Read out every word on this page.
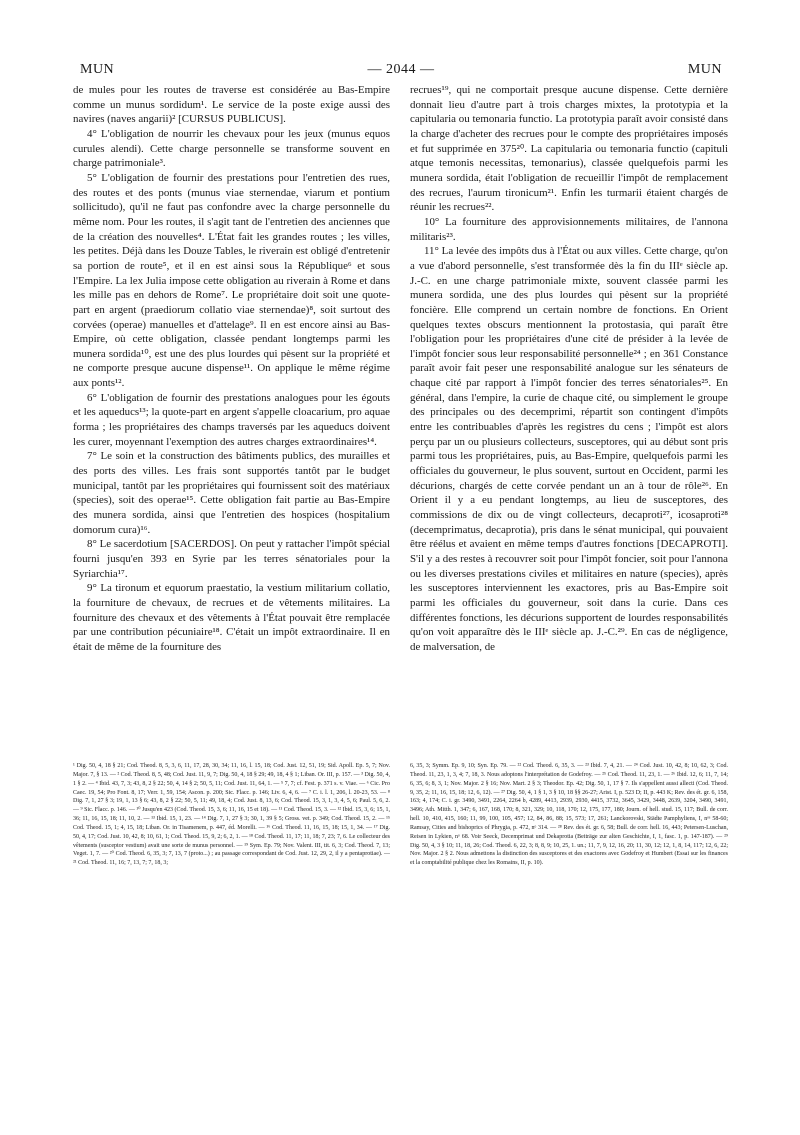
MUN	— 2044 —	MUN

de mules pour les routes de traverse est considérée au Bas-Empire comme un munus sordidum¹. Le service de la poste exige aussi des navires (naves angarii)² [CURSUS PUBLICUS].

4° L'obligation de nourrir les chevaux pour les jeux (munus equos curules alendi). Cette charge personnelle se transforme souvent en charge patrimoniale³.

5° L'obligation de fournir des prestations pour l'entretien des rues, des routes et des ponts (munus viae sternendae, viarum et pontium sollicitudo), qu'il ne faut pas confondre avec la charge personnelle du même nom. Pour les routes, il s'agit tant de l'entretien des anciennes que de la création des nouvelles⁴. L'État fait les grandes routes ; les villes, les petites. Déjà dans les Douze Tables, le riverain est obligé d'entretenir sa portion de route⁵, et il en est ainsi sous la République⁶ et sous l'Empire. La lex Julia impose cette obligation au riverain à Rome et dans les mille pas en dehors de Rome⁷. Le propriétaire doit soit une quote-part en argent (praediorum collatio viae sternendae)⁸, soit surtout des corvées (operae) manuelles et d'attelage⁹. Il en est encore ainsi au Bas-Empire, où cette obligation, classée pendant longtemps parmi les munera sordida¹⁰, est une des plus lourdes qui pèsent sur la propriété et ne comporte presque aucune dispense¹¹. On applique le même régime aux ponts¹².

6° L'obligation de fournir des prestations analogues pour les égouts et les aqueducs¹³; la quote-part en argent s'appelle cloacarium, pro aquae forma ; les propriétaires des champs traversés par les aqueducs doivent les curer, moyennant l'exemption des autres charges extraordinaires¹⁴.

7° Le soin et la construction des bâtiments publics, des murailles et des ports des villes. Les frais sont supportés tantôt par le budget municipal, tantôt par les propriétaires qui fournissent soit des matériaux (species), soit des operae¹⁵. Cette obligation fait partie au Bas-Empire des munera sordida, ainsi que l'entretien des hospices (hospitalium domorum cura)¹⁶.

8° Le sacerdotium [SACERDOS]. On peut y rattacher l'impôt spécial fourni jusqu'en 393 en Syrie par les terres sénatoriales pour la Syriarchia¹⁷.

9° La tironum et equorum praestatio, la vestium militarium collatio, la fourniture de chevaux, de recrues et de vêtements militaires. La fourniture des chevaux et des vêtements à l'État pouvait être remplacée par une contribution pécuniaire¹⁸. C'était un impôt extraordinaire. Il en était de même de la fourniture des

recrues¹⁹, qui ne comportait presque aucune dispense. Cette dernière donnait lieu d'autre part à trois charges mixtes, la prototypia et la capitularia ou temonaria functio. La prototypia paraît avoir consisté dans la charge d'acheter des recrues pour le compte des propriétaires imposés et fut supprimée en 375²⁰. La capitularia ou temonaria functio (capituli atque temonis necessitas, temonarius), classée quelquefois parmi les munera sordida, était l'obligation de recueillir l'impôt de remplacement des recrues, l'aurum tironicum²¹. Enfin les turmarii étaient chargés de réunir les recrues²².

10° La fourniture des approvisionnements militaires, de l'annona militaris²³.

11° La levée des impôts dus à l'État ou aux villes. Cette charge, qu'on a vue d'abord personnelle, s'est transformée dès la fin du IIIᵉ siècle ap. J.-C. en une charge patrimoniale mixte, souvent classée parmi les munera sordida, une des plus lourdes qui pèsent sur la propriété foncière. Elle comprend un certain nombre de fonctions. En Orient quelques textes obscurs mentionnent la protostasia, qui paraît être l'obligation pour les propriétaires d'une cité de présider à la levée de l'impôt foncier sous leur responsabilité personnelle²⁴ ; en 361 Constance paraît avoir fait peser une responsabilité analogue sur les sénateurs de chaque cité par rapport à l'impôt foncier des terres sénatoriales²⁵. En général, dans l'empire, la curie de chaque cité, ou simplement le groupe des principales ou des decemprimi, répartit son contingent d'impôts entre les contribuables d'après les registres du cens ; l'impôt est alors perçu par un ou plusieurs collecteurs, susceptores, qui au début sont pris parmi tous les propriétaires, puis, au Bas-Empire, quelquefois parmi les officiales du gouverneur, le plus souvent, surtout en Occident, parmi les décurions, chargés de cette corvée pendant un an à tour de rôle²⁶. En Orient il y a eu pendant longtemps, au lieu de susceptores, des commissions de dix ou de vingt collecteurs, decaproti²⁷, icosaproti²⁸ (decemprimatus, decaprotia), pris dans le sénat municipal, qui pouvaient être réélus et avaient en même temps d'autres fonctions [DECAPROTI]. S'il y a des restes à recouvrer soit pour l'impôt foncier, soit pour l'annona ou les diverses prestations civiles et militaires en nature (species), après les susceptores interviennent les exactores, pris au Bas-Empire soit parmi les officiales du gouverneur, soit dans la curie. Dans ces différentes fonctions, les décurions supportent de lourdes responsabilités qu'on voit apparaître dès le IIIᵉ siècle ap. J.-C.²⁹. En cas de négligence, de malversation, de

¹ Dig. 50, 4, 18 § 21; Cod. Theod. 8, 5, 3, 6, 11, 17, 28, 30, 34; 11, 16, l. 15, 18; Cod. Just. 12, 51, 19; Sid. Apoll. Ep. 5, 7; Nov. Major. 7, § 13. — ² Cod. Theod. 8, 5, 48; Cod. Just. 11, 9, 7; Dig. 50, 4, 18 § 29; 49, 18, 4 § 1; Liban. Or. III, p. 157. — ³ Dig. 50, 4, 1 § 2. — ⁴ Ibid. 43, 7, 3; 43, 8, 2 § 22; 50, 4, 14 § 2; 50, 5, 11; Cod. Just. 11, 64, 1. — ⁵ 7, 7; cf. Fest. p. 371 s. v. Viae. — ⁶ Cic. Pro Caec. 19, 54; Pro Font. 8, 17; Verr. 1, 59, 154; Ascon. p. 200; Sic. Flacc. p. 146; Liv. 6, 4, 6. — ⁷ C. i. l. 1, 206, l. 20-23, 53. — ⁸ Dig. 7, 1, 27 § 3; 19, 1, 13 § 6; 43, 8, 2 § 22; 50, 5, 11; 49, 18, 4; Cod. Just. 8, 13, 6; Cod. Theod. 15, 3, 1, 3, 4, 5, 6; Paul. 5, 6, 2. — ⁹ Sic. Flacc. p. 146. — ¹⁰ Jusqu'en 423 (Cod. Theod. 15, 3, 6; 11, 16, 15 et 18). — ¹¹ Cod. Theod. 15, 3. — ¹² Ibid. 15, 3, 6; 15, 1, 36; 11, 16, 15, 18; 11, 10, 2. — ¹³ Ibid. 15, 1, 23. — ¹⁴ Dig. 7, 1, 27 § 3; 30, 1, 39 § 5; Gross. vet. p. 349; Cod. Theod. 15, 2. — ¹⁵ Cod. Theod. 15, 1; 4, 15, 18; Liban. Or. in Tisamenem, p. 447, éd. Morelli. — ¹⁶ Cod. Theod. 11, 16, 15, 18; 15, 1, 34. — ¹⁷ Dig. 50, 4, 17; Cod. Just. 10, 42, 8; 10, 61, 1; Cod. Theod. 15, 9, 2; 6, 2, 1. — ¹⁸ Cod. Theod. 11, 17; 11, 18; 7, 23; 7, 6. Le collecteur des vêtements (susceptor vestium) avait une sorte de munus personnel. — ¹⁹ Sym. Ep. 79; Nov. Valent. III, tit. 6, 3; Cod. Theod. 7, 13; Veget. 1, 7. — ²⁰ Cod. Theod. 6, 35, 3; 7, 13, 7 (proto...) ; au passage correspondant de Cod. Just. 12, 29, 2, il y a pentaprotiae). — ²¹ Cod. Theod. 11, 16; 7, 13, 7; 7, 18, 3;

6, 35, 3; Symm. Ep. 9, 10; Syn. Ep. 79. — ²² Cod. Theod. 6, 35, 3. — ²³ Ibid. 7, 4, 21. — ²⁴ Cod. Just. 10, 42, 8; 10, 62, 3; Cod. Theod. 11, 23, 1, 3, 4; 7, 18, 3. Nous adoptons l'interprétation de Godefroy. — ²⁵ Cod. Theod. 11, 23, 1. — ²⁶ Ibid. 12, 6; 11, 7, 14; 6, 35, 6; 8, 3, 1; Nov. Major. 2 § 16; Nov. Mart. 2 § 3; Theodor. Ep. 42; Dig. 50, 1, 17 § 7. Ils s'appellent aussi allecti (Cod. Theod. 9, 35, 2; 11, 16, 15, 18; 12, 6, 12). — ²⁷ Dig. 50, 4, 1 § 1, 3 § 10, 18 §§ 26-27; Arist. I, p. 523 D; II, p. 443 K; Rev. des ét. gr. 6, 158, 163; 4, 174; C. i. gr. 3490, 3491, 2264, 2264 b, 4289, 4413, 2939, 2930, 4415, 3732, 3645, 3429, 3448, 2639, 3204, 3490, 3491, 3496; Ath. Mitth. 1, 347; 6, 167, 168, 170; 8, 321, 329; 10, 118, 170; 12, 175, 177, 180; Journ. of hell. stud. 15, 117; Bull. de corr. hell. 10, 410, 415, 160; 11, 99, 100, 105, 457; 12, 84, 86, 88; 15, 573; 17, 261; Lanckorovski, Städte Pamphyliens, I, nᵒˢ 58-60; Ramsay, Cities and bishoprics of Phrygia, p. 472, nᵒ 314. — ²⁸ Rev. des ét. gr. 6, 58; Bull. de corr. hell. 16, 443; Petersen-Luschan, Reisen in Lykien, nᵒ 68. Voir Seeck, Decemprimat und Dekaprotia (Beiträge zur alten Geschichte, I, 1, fasc. 1, p. 147-187). — ²⁹ Dig. 50, 4, 3 § 10; 11, 18, 26; Cod. Theod. 6, 22, 3; 8, 8, 9; 10, 25, 1. un.; 11, 7, 9, 12, 16, 20; 11, 30, 12; 12, 1, 8, 14, 117; 12, 6, 22; Nov. Major. 2 § 2. Nous admettons la distinction des susceptores et des exactores avec Godefroy et Humbert (Essai sur les finances et la comptabilité publique chez les Romains, II, p. 10).
